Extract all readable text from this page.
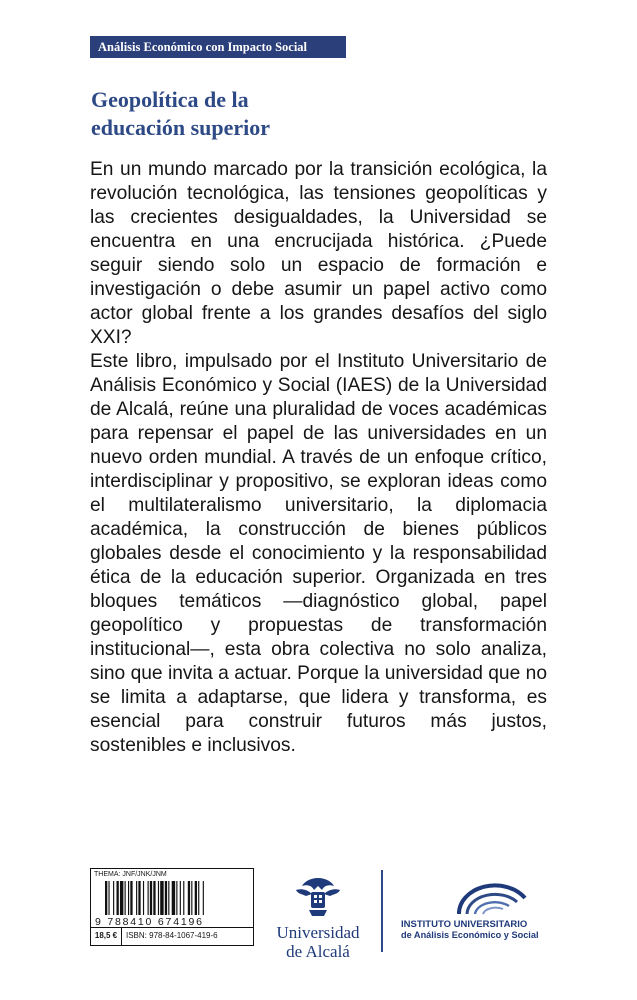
Análisis Económico con Impacto Social
Geopolítica de la
educación superior

En un mundo marcado por la transición ecológica, la revolución tecnológica, las tensiones geopolíticas y las crecientes desigualdades, la Universidad se encuentra en una encrucijada histórica. ¿Puede seguir siendo solo un espacio de formación e investigación o debe asumir un papel activo como actor global frente a los grandes desafíos del siglo XXI?

Este libro, impulsado por el Instituto Universitario de Análisis Económico y Social (IAES) de la Universidad de Alcalá, reúne una pluralidad de voces académicas para repensar el papel de las universidades en un nuevo orden mundial. A través de un enfoque crítico, interdisciplinar y propositivo, se exploran ideas como el multilateralismo universitario, la diplomacia académica, la construcción de bienes públicos globales desde el conocimiento y la responsabilidad ética de la educación superior. Organizada en tres bloques temáticos —diagnóstico global, papel geopolítico y propuestas de transformación institucional—, esta obra colectiva no solo analiza, sino que invita a actuar. Porque la universidad que no se limita a adaptarse, que lidera y transforma, es esencial para construir futuros más justos, sostenibles e inclusivos.

THEMA: JNF/JNK/JNM
9 788410 674196
18,5 €	ISBN: 978-84-1067-419-6	Universidad
de Alcalá
INSTITUTO UNIVERSITARIO
de Análisis Económico y Social
